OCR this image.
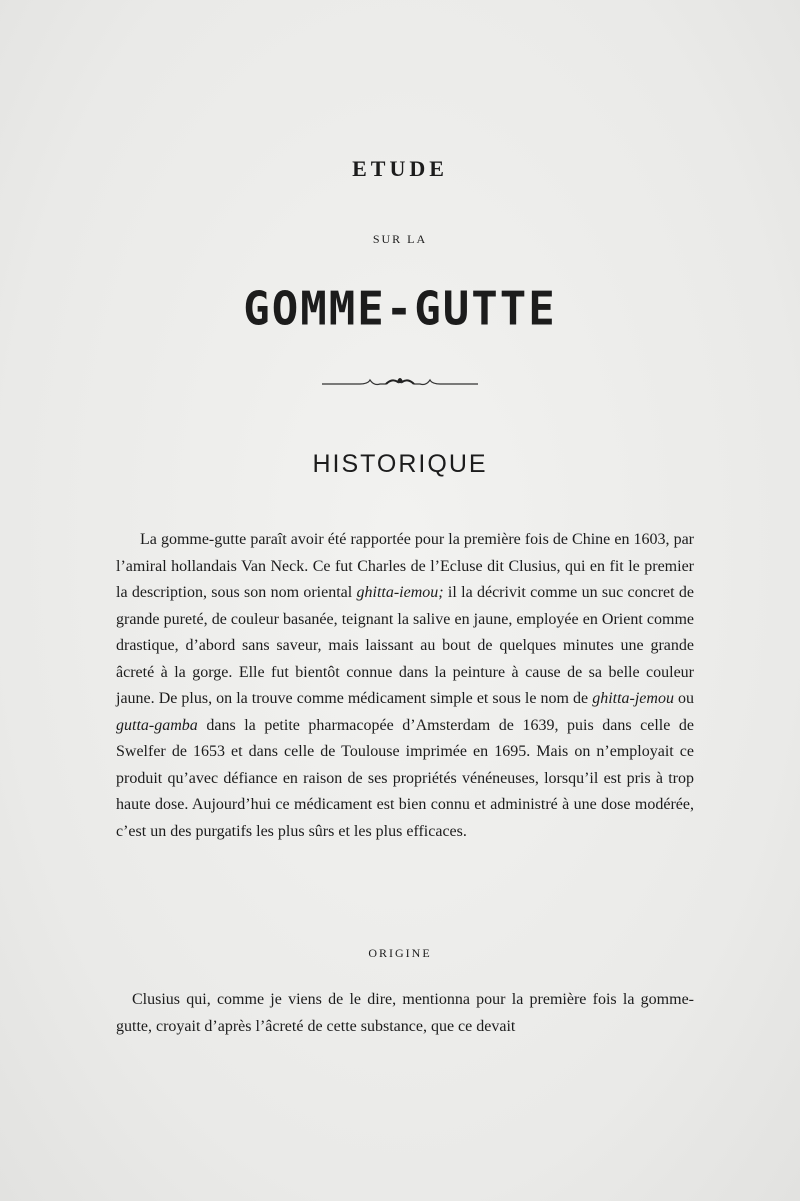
ETUDE
SUR LA
GOMME-GUTTE
HISTORIQUE
La gomme-gutte paraît avoir été rapportée pour la première fois de Chine en 1603, par l’amiral hollandais Van Neck. Ce fut Charles de l’Ecluse dit Clusius, qui en fit le premier la description, sous son nom oriental ghitta-iemou; il la décrivit comme un suc concret de grande pureté, de couleur basanée, teignant la salive en jaune, employée en Orient comme drastique, d’abord sans saveur, mais laissant au bout de quelques minutes une grande âcreté à la gorge. Elle fut bientôt connue dans la peinture à cause de sa belle couleur jaune. De plus, on la trouve comme médicament simple et sous le nom de ghitta-jemou ou gutta-gamba dans la petite pharmacopée d’Amsterdam de 1639, puis dans celle de Swelfer de 1653 et dans celle de Toulouse imprimée en 1695. Mais on n’employait ce produit qu’avec défiance en raison de ses propriétés vénéneuses, lorsqu’il est pris à trop haute dose. Aujourd’hui ce médicament est bien connu et administré à une dose modérée, c’est un des purgatifs les plus sûrs et les plus efficaces.
ORIGINE
Clusius qui, comme je viens de le dire, mentionna pour la première fois la gomme-gutte, croyait d’après l’âcreté de cette substance, que ce devait
